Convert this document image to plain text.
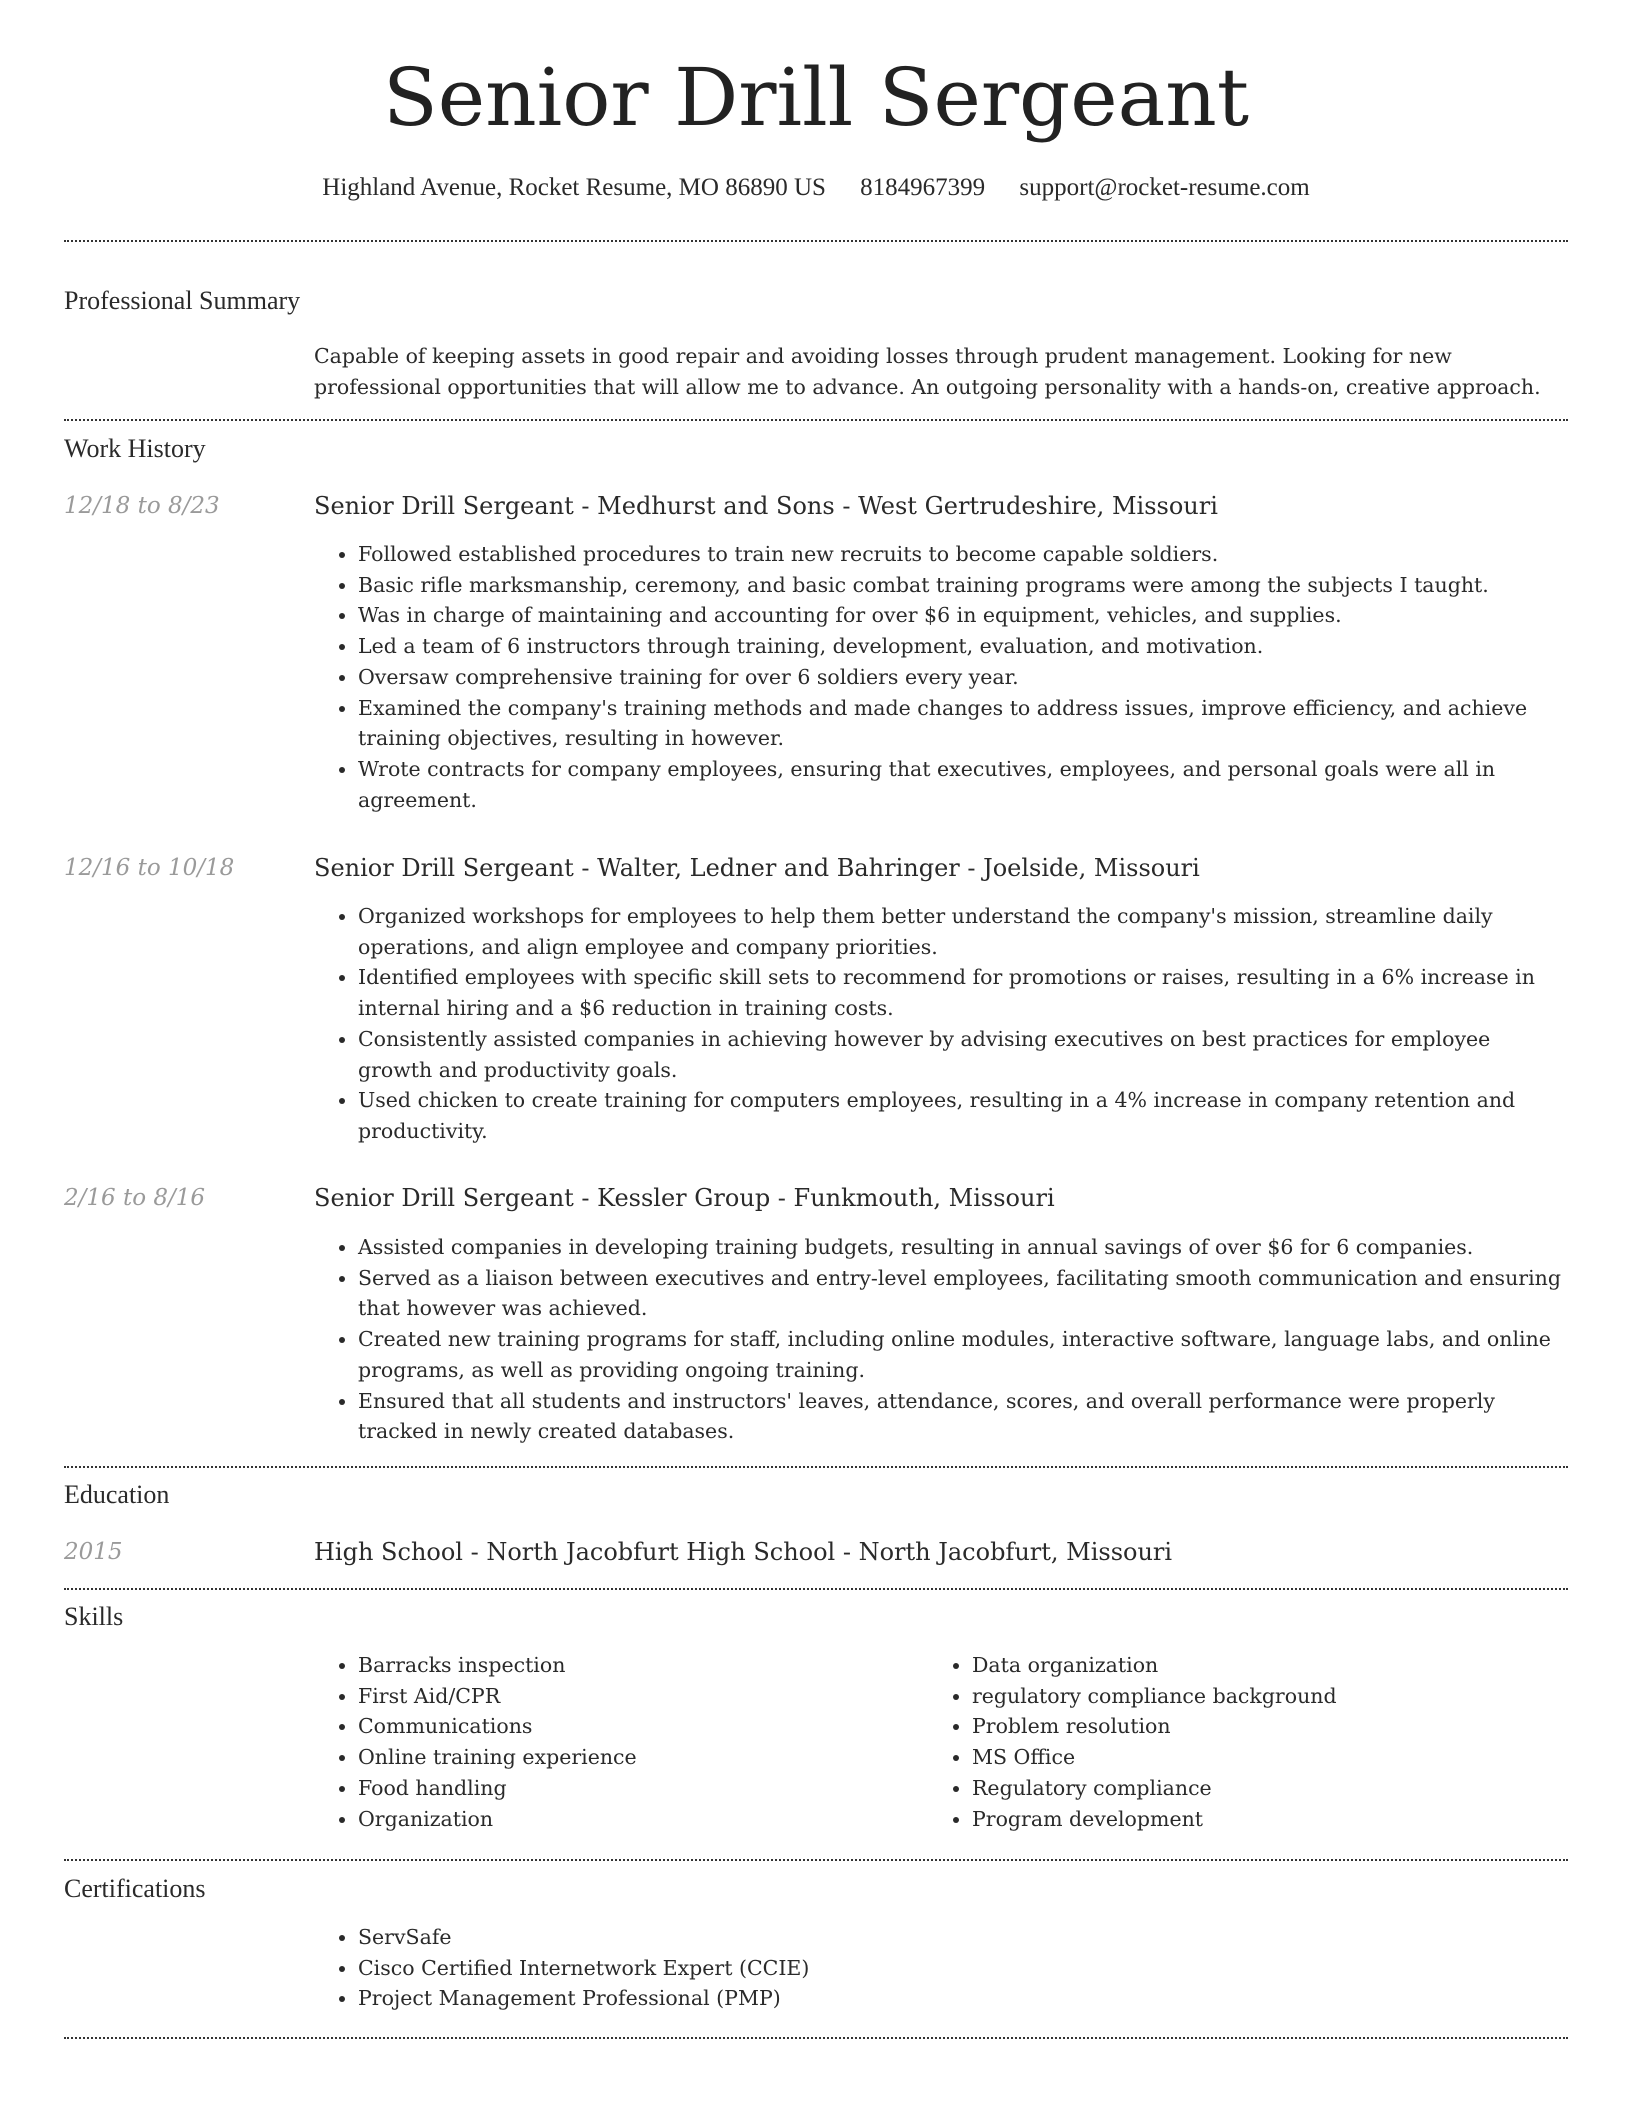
Senior Drill Sergeant
Highland Avenue, Rocket Resume, MO 86890 US 8184967399 support@rocket-resume.com
Professional Summary
Capable of keeping assets in good repair and avoiding losses through prudent management. Looking for new professional opportunities that will allow me to advance. An outgoing personality with a hands-on, creative approach.
Work History
12/18 to 8/23	Senior Drill Sergeant - Medhurst and Sons - West Gertrudeshire, Missouri
• Followed established procedures to train new recruits to become capable soldiers.
• Basic rifle marksmanship, ceremony, and basic combat training programs were among the subjects I taught.
• Was in charge of maintaining and accounting for over $6 in equipment, vehicles, and supplies.
• Led a team of 6 instructors through training, development, evaluation, and motivation.
• Oversaw comprehensive training for over 6 soldiers every year.
• Examined the company's training methods and made changes to address issues, improve efficiency, and achieve training objectives, resulting in however.
• Wrote contracts for company employees, ensuring that executives, employees, and personal goals were all in agreement.
12/16 to 10/18	Senior Drill Sergeant - Walter, Ledner and Bahringer - Joelside, Missouri
• Organized workshops for employees to help them better understand the company's mission, streamline daily operations, and align employee and company priorities.
• Identified employees with specific skill sets to recommend for promotions or raises, resulting in a 6% increase in internal hiring and a $6 reduction in training costs.
• Consistently assisted companies in achieving however by advising executives on best practices for employee growth and productivity goals.
• Used chicken to create training for computers employees, resulting in a 4% increase in company retention and productivity.
2/16 to 8/16	Senior Drill Sergeant - Kessler Group - Funkmouth, Missouri
• Assisted companies in developing training budgets, resulting in annual savings of over $6 for 6 companies.
• Served as a liaison between executives and entry-level employees, facilitating smooth communication and ensuring that however was achieved.
• Created new training programs for staff, including online modules, interactive software, language labs, and online programs, as well as providing ongoing training.
• Ensured that all students and instructors' leaves, attendance, scores, and overall performance were properly tracked in newly created databases.
Education
2015	High School - North Jacobfurt High School - North Jacobfurt, Missouri
Skills
• Barracks inspection
• First Aid/CPR
• Communications
• Online training experience
• Food handling
• Organization
• Data organization
• regulatory compliance background
• Problem resolution
• MS Office
• Regulatory compliance
• Program development
Certifications
• ServSafe
• Cisco Certified Internetwork Expert (CCIE)
• Project Management Professional (PMP)
